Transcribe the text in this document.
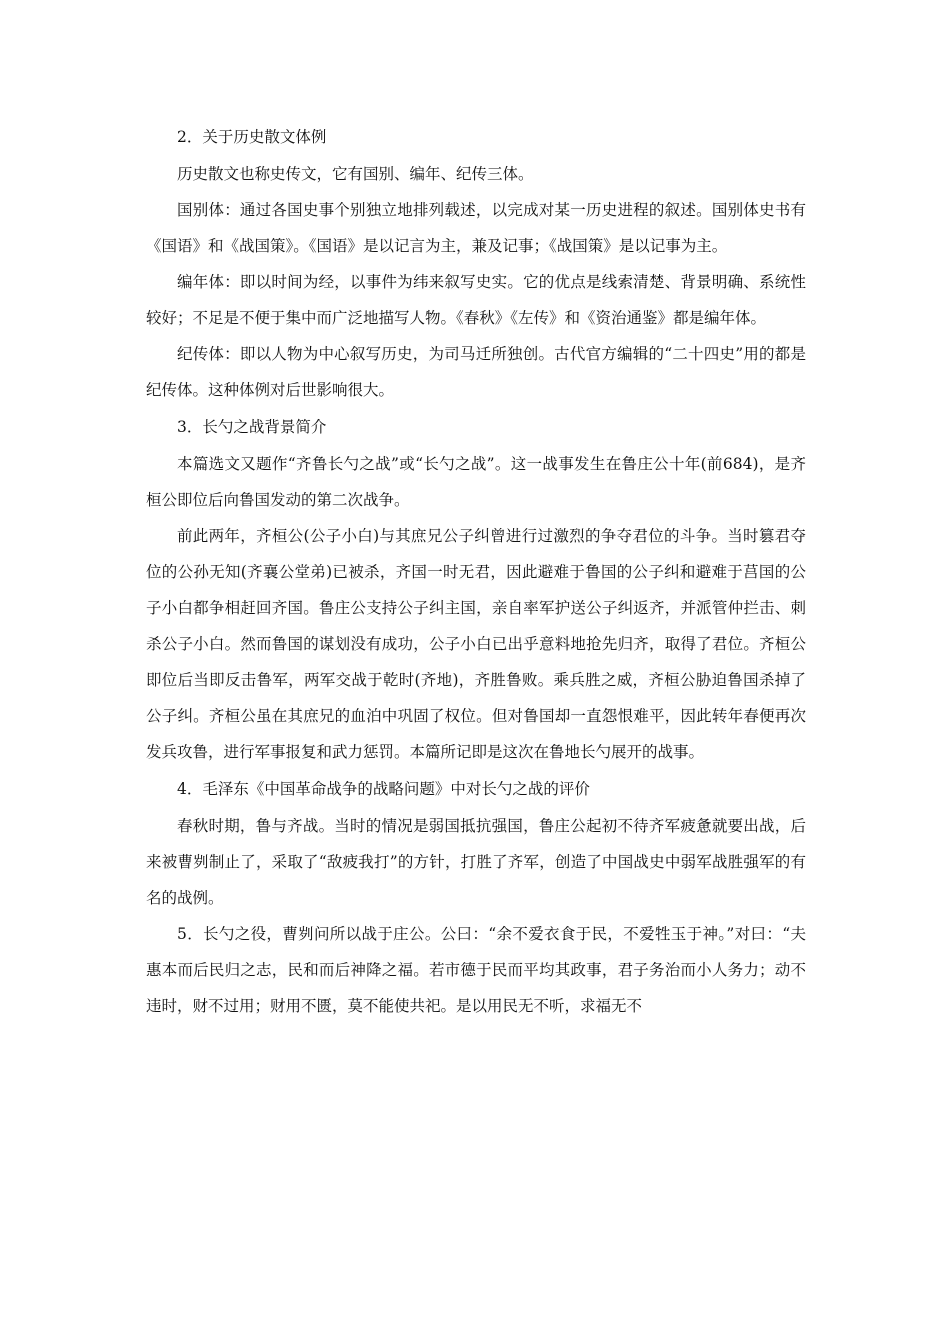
2．关于历史散文体例

历史散文也称史传文，它有国别、编年、纪传三体。

国别体：通过各国史事个别独立地排列载述，以完成对某一历史进程的叙述。国别体史书有《国语》和《战国策》。《国语》是以记言为主，兼及记事；《战国策》是以记事为主。

编年体：即以时间为经，以事件为纬来叙写史实。它的优点是线索清楚、背景明确、系统性较好；不足是不便于集中而广泛地描写人物。《春秋》《左传》和《资治通鉴》都是编年体。

纪传体：即以人物为中心叙写历史，为司马迁所独创。古代官方编辑的“二十四史”用的都是纪传体。这种体例对后世影响很大。

3．长勺之战背景简介

本篇选文又题作“齐鲁长勺之战”或“长勺之战”。这一战事发生在鲁庄公十年(前684)，是齐桓公即位后向鲁国发动的第二次战争。

前此两年，齐桓公(公子小白)与其庶兄公子纠曾进行过激烈的争夺君位的斗争。当时篡君夺位的公孙无知(齐襄公堂弟)已被杀，齐国一时无君，因此避难于鲁国的公子纠和避难于莒国的公子小白都争相赶回齐国。鲁庄公支持公子纠主国，亲自率军护送公子纠返齐，并派管仲拦击、刺杀公子小白。然而鲁国的谋划没有成功，公子小白已出乎意料地抢先归齐，取得了君位。齐桓公即位后当即反击鲁军，两军交战于乾时(齐地)，齐胜鲁败。乘兵胜之威，齐桓公胁迫鲁国杀掉了公子纠。齐桓公虽在其庶兄的血泊中巩固了权位。但对鲁国却一直怨恨难平，因此转年春便再次发兵攻鲁，进行军事报复和武力惩罚。本篇所记即是这次在鲁地长勺展开的战事。

4．毛泽东《中国革命战争的战略问题》中对长勺之战的评价

春秋时期，鲁与齐战。当时的情况是弱国抵抗强国，鲁庄公起初不待齐军疲惫就要出战，后来被曹刿制止了，采取了“敌疲我打”的方针，打胜了齐军，创造了中国战史中弱军战胜强军的有名的战例。

5．长勺之役，曹刿问所以战于庄公。公曰：“余不爱衣食于民，不爱牲玉于神。”对曰：“夫惠本而后民归之志，民和而后神降之福。若市德于民而平均其政事，君子务治而小人务力；动不违时，财不过用；财用不匮，莫不能使共祀。是以用民无不听，求福无不
